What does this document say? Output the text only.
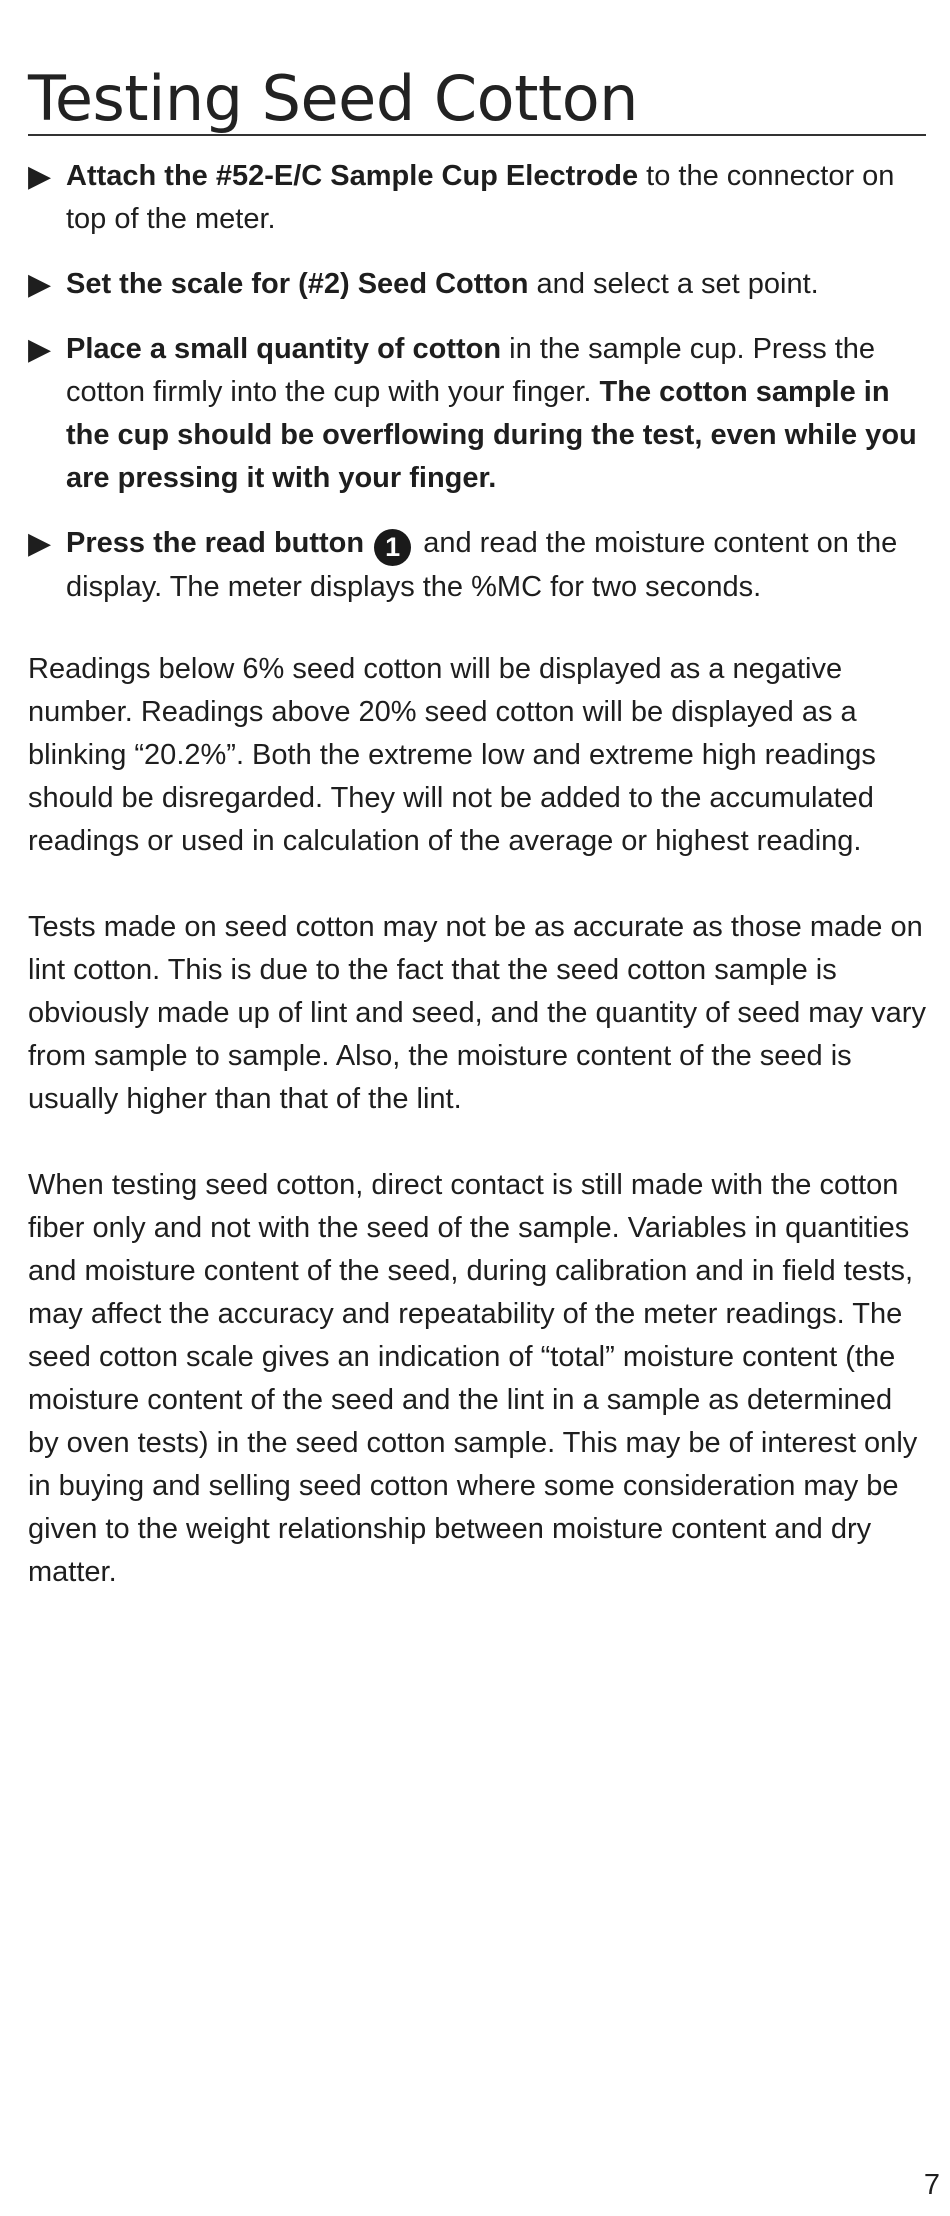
Testing Seed Cotton
▶ Attach the #52-E/C Sample Cup Electrode to the connector on top of the meter.
▶ Set the scale for (#2) Seed Cotton and select a set point.
▶ Place a small quantity of cotton in the sample cup. Press the cotton firmly into the cup with your finger. The cotton sample in the cup should be overflowing during the test, even while you are pressing it with your finger.
▶ Press the read button 1 and read the moisture content on the display. The meter displays the %MC for two seconds.

Readings below 6% seed cotton will be displayed as a negative number. Readings above 20% seed cotton will be displayed as a blinking “20.2%”. Both the extreme low and extreme high readings should be disregarded. They will not be added to the accumulated readings or used in calculation of the average or highest reading.

Tests made on seed cotton may not be as accurate as those made on lint cotton. This is due to the fact that the seed cotton sample is obviously made up of lint and seed, and the quantity of seed may vary from sample to sample. Also, the moisture content of the seed is usually higher than that of the lint.

When testing seed cotton, direct contact is still made with the cotton fiber only and not with the seed of the sample. Variables in quantities and moisture content of the seed, during calibration and in field tests, may affect the accuracy and repeatability of the meter readings. The seed cotton scale gives an indication of “total” moisture content (the moisture content of the seed and the lint in a sample as determined by oven tests) in the seed cotton sample. This may be of interest only in buying and selling seed cotton where some consideration may be given to the weight relationship between moisture content and dry matter.

7
